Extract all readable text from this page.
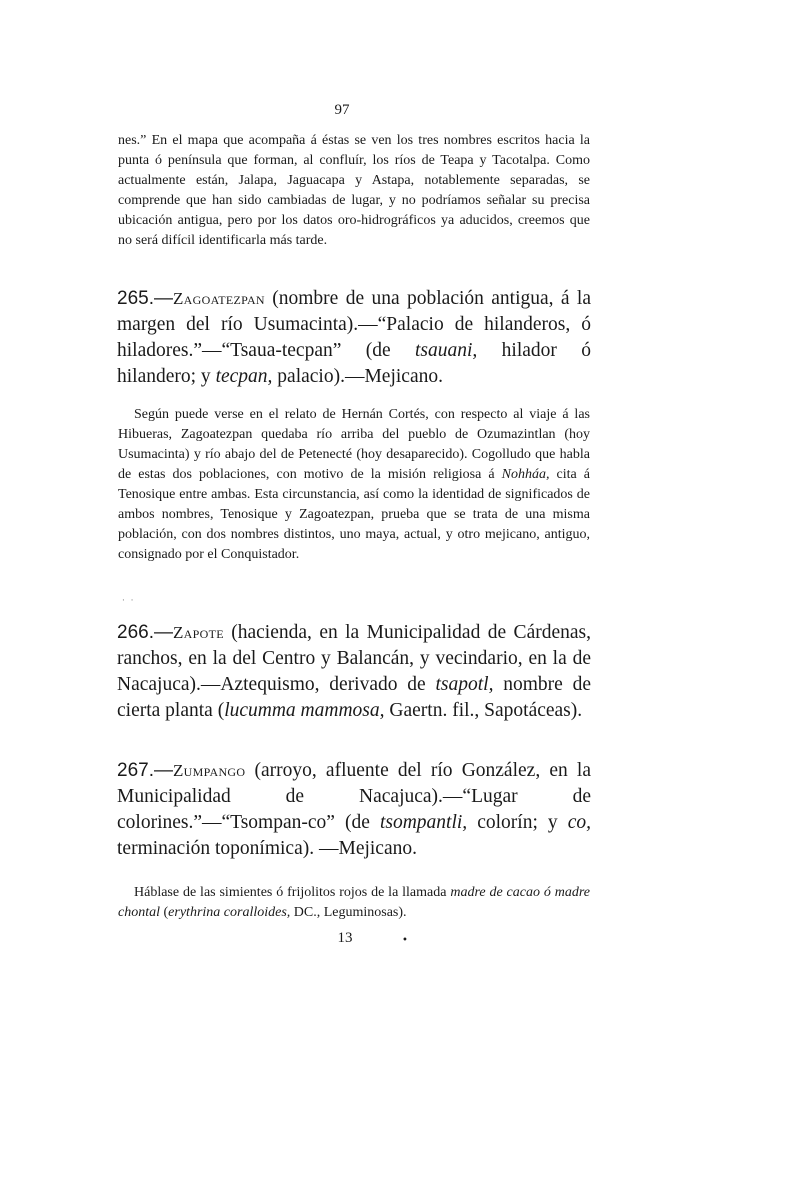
97
nes.” En el mapa que acompaña á éstas se ven los tres nombres escritos hacia la punta ó península que forman, al confluír, los ríos de Teapa y Tacotalpa. Como actualmente están, Jalapa, Jaguacapa y Astapa, notablemente separadas, se comprende que han sido cambiadas de lugar, y no podríamos señalar su precisa ubicación antigua, pero por los datos oro-hidrográficos ya aducidos, creemos que no será difícil identificarla más tarde.
265.—Zagoatezpan (nombre de una población antigua, á la margen del río Usumacinta).—“Palacio de hilanderos, ó hiladores.”—“Tsaua-tecpan” (de tsauani, hilador ó hilandero; y tecpan, palacio).—Mejicano.
Según puede verse en el relato de Hernán Cortés, con respecto al viaje á las Hibueras, Zagoatezpan quedaba río arriba del pueblo de Ozumazintlan (hoy Usumacinta) y río abajo del de Petenecté (hoy desaparecido). Cogolludo que habla de estas dos poblaciones, con motivo de la misión religiosa á Nohháa, cita á Tenosique entre ambas. Esta circunstancia, así como la identidad de significados de ambos nombres, Tenosique y Zagoatezpan, prueba que se trata de una misma población, con dos nombres distintos, uno maya, actual, y otro mejicano, antiguo, consignado por el Conquistador.
·  ·
266.—Zapote (hacienda, en la Municipalidad de Cárdenas, ranchos, en la del Centro y Balancán, y vecindario, en la de Nacajuca).—Aztequismo, derivado de tsapotl, nombre de cierta planta (lucumma mammosa, Gaertn. fil., Sapotáceas).
267.—Zumpango (arroyo, afluente del río González, en la Municipalidad de Nacajuca).—“Lugar de colorines.”—“Tsompan-co” (de tsompantli, colorín; y co, terminación toponímica). —Mejicano.
Háblase de las simientes ó frijolitos rojos de la llamada madre de cacao ó madre chontal (erythrina coralloides, DC., Leguminosas).
13	•
